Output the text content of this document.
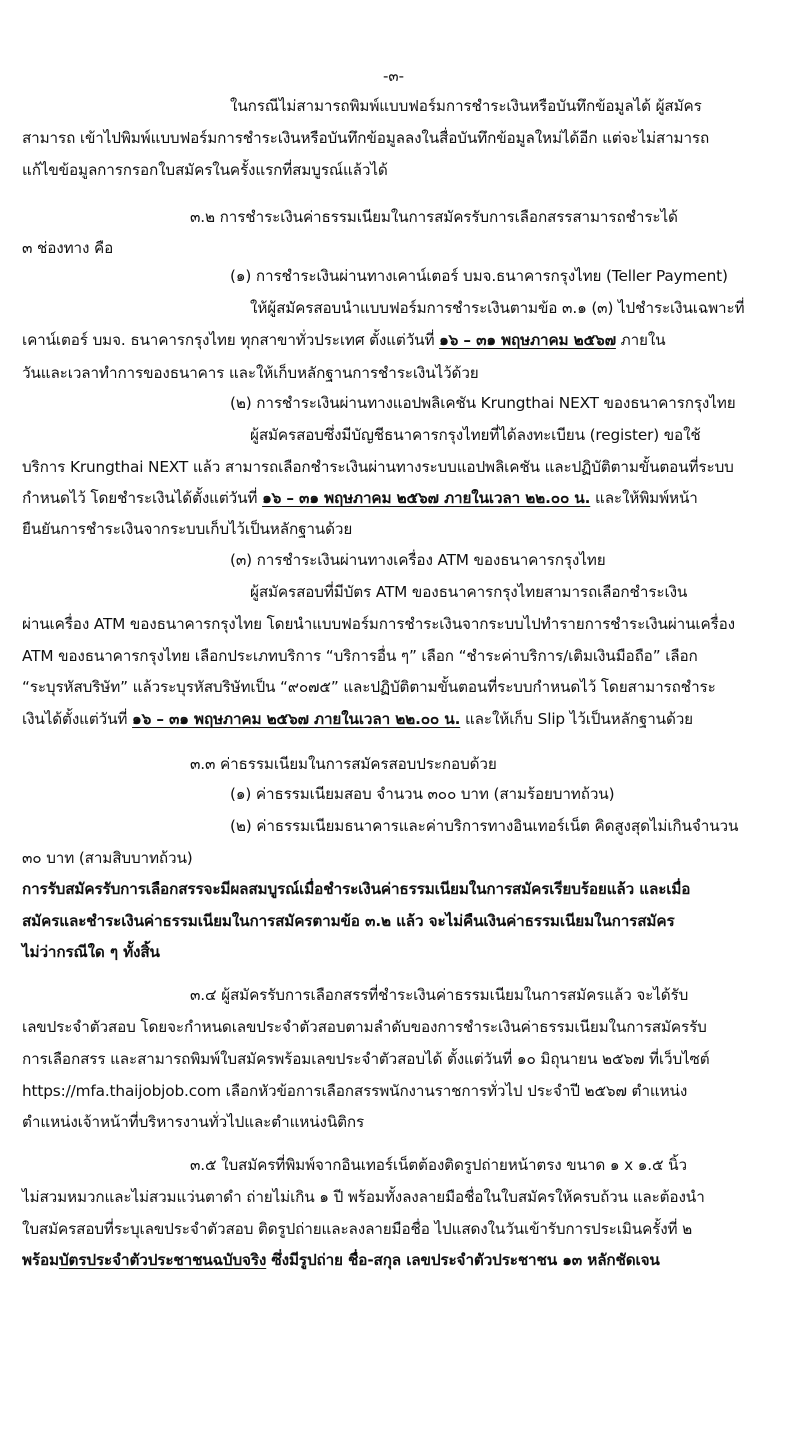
-๓-
ในกรณีไม่สามารถพิมพ์แบบฟอร์มการชำระเงินหรือบันทึกข้อมูลได้ ผู้สมัคร
สามารถ เข้าไปพิมพ์แบบฟอร์มการชำระเงินหรือบันทึกข้อมูลลงในสื่อบันทึกข้อมูลใหม่ได้อีก แต่จะไม่สามารถ
แก้ไขข้อมูลการกรอกใบสมัครในครั้งแรกที่สมบูรณ์แล้วได้
๓.๒ การชำระเงินค่าธรรมเนียมในการสมัครรับการเลือกสรรสามารถชำระได้
๓ ช่องทาง คือ
(๑) การชำระเงินผ่านทางเคาน์เตอร์ บมจ.ธนาคารกรุงไทย (Teller Payment)
ให้ผู้สมัครสอบนำแบบฟอร์มการชำระเงินตามข้อ ๓.๑ (๓) ไปชำระเงินเฉพาะที่
เคาน์เตอร์ บมจ. ธนาคารกรุงไทย ทุกสาขาทั่วประเทศ ตั้งแต่วันที่ ๑๖ – ๓๑ พฤษภาคม ๒๕๖๗ ภายใน
วันและเวลาทำการของธนาคาร และให้เก็บหลักฐานการชำระเงินไว้ด้วย
(๒) การชำระเงินผ่านทางแอปพลิเคชัน Krungthai NEXT ของธนาคารกรุงไทย
ผู้สมัครสอบซึ่งมีบัญชีธนาคารกรุงไทยที่ได้ลงทะเบียน (register) ขอใช้
บริการ Krungthai NEXT แล้ว สามารถเลือกชำระเงินผ่านทางระบบแอปพลิเคชัน และปฏิบัติตามขั้นตอนที่ระบบ
กำหนดไว้ โดยชำระเงินได้ตั้งแต่วันที่ ๑๖ – ๓๑ พฤษภาคม ๒๕๖๗ ภายในเวลา ๒๒.๐๐ น. และให้พิมพ์หน้า
ยืนยันการชำระเงินจากระบบเก็บไว้เป็นหลักฐานด้วย
(๓) การชำระเงินผ่านทางเครื่อง ATM ของธนาคารกรุงไทย
ผู้สมัครสอบที่มีบัตร ATM ของธนาคารกรุงไทยสามารถเลือกชำระเงิน
ผ่านเครื่อง ATM ของธนาคารกรุงไทย โดยนำแบบฟอร์มการชำระเงินจากระบบไปทำรายการชำระเงินผ่านเครื่อง
ATM ของธนาคารกรุงไทย เลือกประเภทบริการ “บริการอื่น ๆ” เลือก “ชำระค่าบริการ/เติมเงินมือถือ” เลือก
“ระบุรหัสบริษัท” แล้วระบุรหัสบริษัทเป็น “๙๐๗๕” และปฏิบัติตามขั้นตอนที่ระบบกำหนดไว้ โดยสามารถชำระ
เงินได้ตั้งแต่วันที่ ๑๖ – ๓๑ พฤษภาคม ๒๕๖๗ ภายในเวลา ๒๒.๐๐ น. และให้เก็บ Slip ไว้เป็นหลักฐานด้วย
๓.๓ ค่าธรรมเนียมในการสมัครสอบประกอบด้วย
(๑) ค่าธรรมเนียมสอบ จำนวน ๓๐๐ บาท (สามร้อยบาทถ้วน)
(๒) ค่าธรรมเนียมธนาคารและค่าบริการทางอินเทอร์เน็ต คิดสูงสุดไม่เกินจำนวน
๓๐ บาท (สามสิบบาทถ้วน)
การรับสมัครรับการเลือกสรรจะมีผลสมบูรณ์เมื่อชำระเงินค่าธรรมเนียมในการสมัครเรียบร้อยแล้ว และเมื่อ
สมัครและชำระเงินค่าธรรมเนียมในการสมัครตามข้อ ๓.๒ แล้ว จะไม่คืนเงินค่าธรรมเนียมในการสมัคร
ไม่ว่ากรณีใด ๆ ทั้งสิ้น
๓.๔ ผู้สมัครรับการเลือกสรรที่ชำระเงินค่าธรรมเนียมในการสมัครแล้ว จะได้รับ
เลขประจำตัวสอบ โดยจะกำหนดเลขประจำตัวสอบตามลำดับของการชำระเงินค่าธรรมเนียมในการสมัครรับ
การเลือกสรร และสามารถพิมพ์ใบสมัครพร้อมเลขประจำตัวสอบได้ ตั้งแต่วันที่ ๑๐ มิถุนายน ๒๕๖๗ ที่เว็บไซต์
https://mfa.thaijobjob.com เลือกหัวข้อการเลือกสรรพนักงานราชการทั่วไป ประจำปี ๒๕๖๗ ตำแหน่ง
ตำแหน่งเจ้าหน้าที่บริหารงานทั่วไปและตำแหน่งนิติกร
๓.๕ ใบสมัครที่พิมพ์จากอินเทอร์เน็ตต้องติดรูปถ่ายหน้าตรง ขนาด ๑ x ๑.๕ นิ้ว
ไม่สวมหมวกและไม่สวมแว่นตาดำ ถ่ายไม่เกิน ๑ ปี พร้อมทั้งลงลายมือชื่อในใบสมัครให้ครบถ้วน และต้องนำ
ใบสมัครสอบที่ระบุเลขประจำตัวสอบ ติดรูปถ่ายและลงลายมือชื่อ ไปแสดงในวันเข้ารับการประเมินครั้งที่ ๒
พร้อมบัตรประจำตัวประชาชนฉบับจริง ซึ่งมีรูปถ่าย ชื่อ-สกุล เลขประจำตัวประชาชน ๑๓ หลักชัดเจน
